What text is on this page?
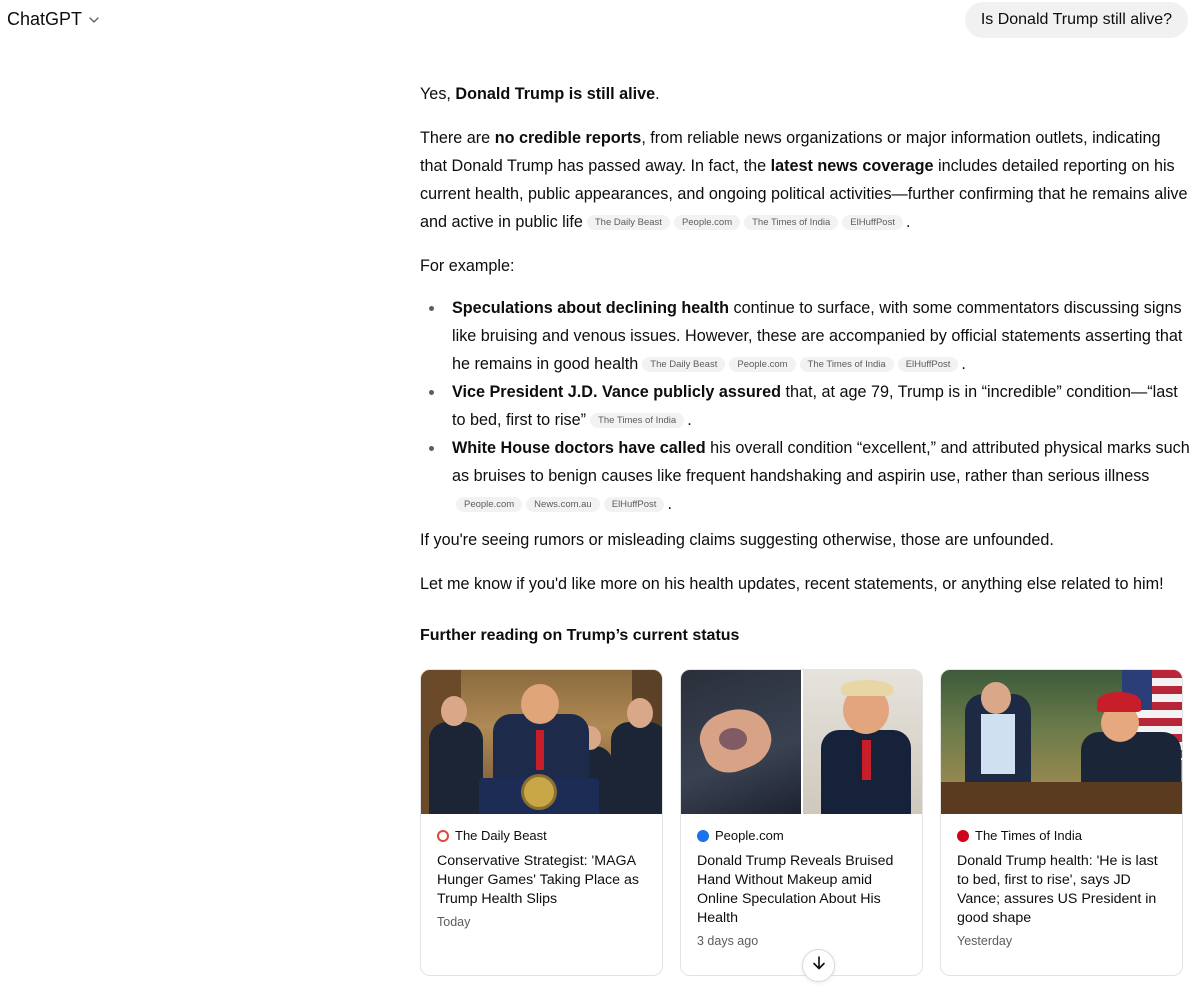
ChatGPT	Is Donald Trump still alive?

Yes, Donald Trump is still alive.

There are no credible reports, from reliable news organizations or major information outlets, indicating that Donald Trump has passed away. In fact, the latest news coverage includes detailed reporting on his current health, public appearances, and ongoing political activities—further confirming that he remains alive and active in public life The Daily Beast People.com The Times of India ElHuffPost .

For example:

Speculations about declining health continue to surface, with some commentators discussing signs like bruising and venous issues. However, these are accompanied by official statements asserting that he remains in good health The Daily Beast People.com The Times of India ElHuffPost .
Vice President J.D. Vance publicly assured that, at age 79, Trump is in “incredible” condition—“last to bed, first to rise” The Times of India .
White House doctors have called his overall condition “excellent,” and attributed physical marks such as bruises to benign causes like frequent handshaking and aspirin use, rather than serious illnessPeople.com News.com.au ElHuffPost .

If you're seeing rumors or misleading claims suggesting otherwise, those are unfounded.

Let me know if you'd like more on his health updates, recent statements, or anything else related to him!

Further reading on Trump’s current status
The Daily Beast
Conservative Strategist: 'MAGA Hunger Games' Taking Place as Trump Health Slips
Today
People.com
Donald Trump Reveals Bruised Hand Without Makeup amid Online Speculation About His Health
3 days ago
The Times of India
Donald Trump health: 'He is last to bed, first to rise', says JD Vance; assures US President in good shape
Yesterday
